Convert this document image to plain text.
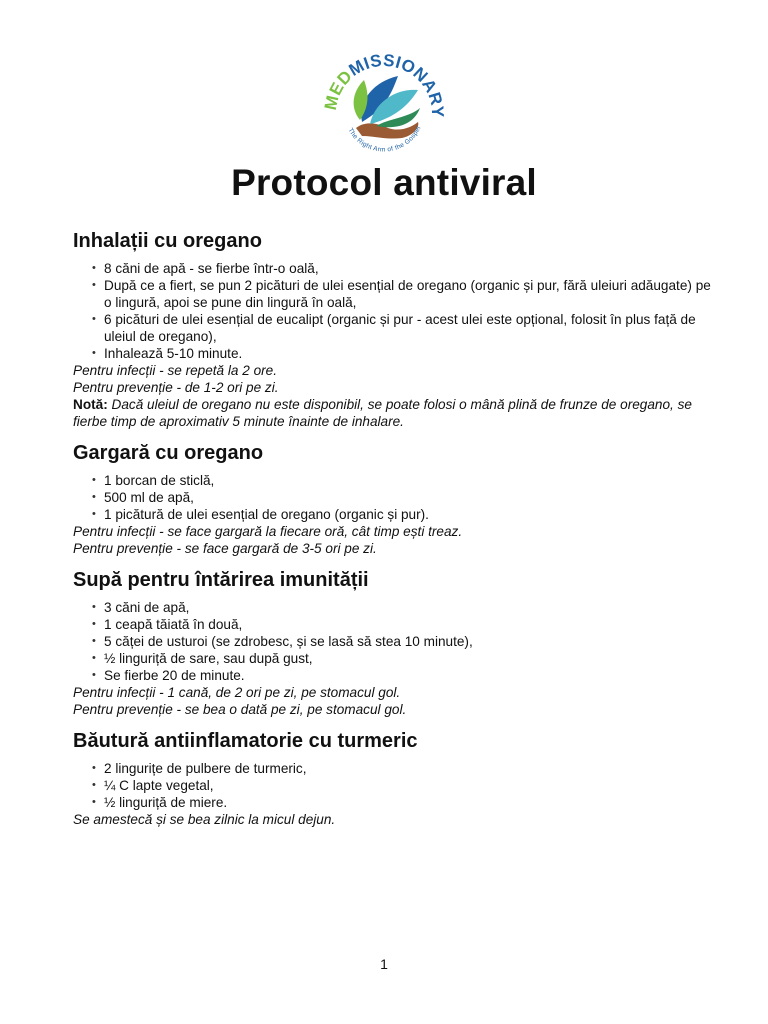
MEDMISSIONARY
The Right Arm of the Gospel
Protocol antiviral
Inhalații cu oregano
• 8 căni de apă - se fierbe într-o oală,
• După ce a fiert, se pun 2 picături de ulei esențial de oregano (organic și pur, fără uleiuri adăugate) pe o lingură, apoi se pune din lingură în oală,
• 6 picături de ulei esențial de eucalipt (organic și pur - acest ulei este opțional, folosit în plus față de uleiul de oregano),
• Inhalează 5-10 minute.

Pentru infecții - se repetă la 2 ore.

Pentru prevenție - de 1-2 ori pe zi.

Notă: Dacă uleiul de oregano nu este disponibil, se poate folosi o mână plină de frunze de oregano, se fierbe timp de aproximativ 5 minute înainte de inhalare.

Gargară cu oregano
• 1 borcan de sticlă,
• 500 ml de apă,
• 1 picătură de ulei esențial de oregano (organic și pur).

Pentru infecții - se face gargară la fiecare oră, cât timp ești treaz.

Pentru prevenție - se face gargară de 3-5 ori pe zi.

Supă pentru întărirea imunității
• 3 căni de apă,
• 1 ceapă tăiată în două,
• 5 căței de usturoi (se zdrobesc, și se lasă să stea 10 minute),
• ½ linguriță de sare, sau după gust,
• Se fierbe 20 de minute.

Pentru infecții - 1 cană, de 2 ori pe zi, pe stomacul gol.

Pentru prevenție - se bea o dată pe zi, pe stomacul gol.

Băutură antiinflamatorie cu turmeric
• 2 lingurițe de pulbere de turmeric,
• ¼ C lapte vegetal,
• ½ linguriță de miere.

Se amestecă și se bea zilnic la micul dejun.

1
